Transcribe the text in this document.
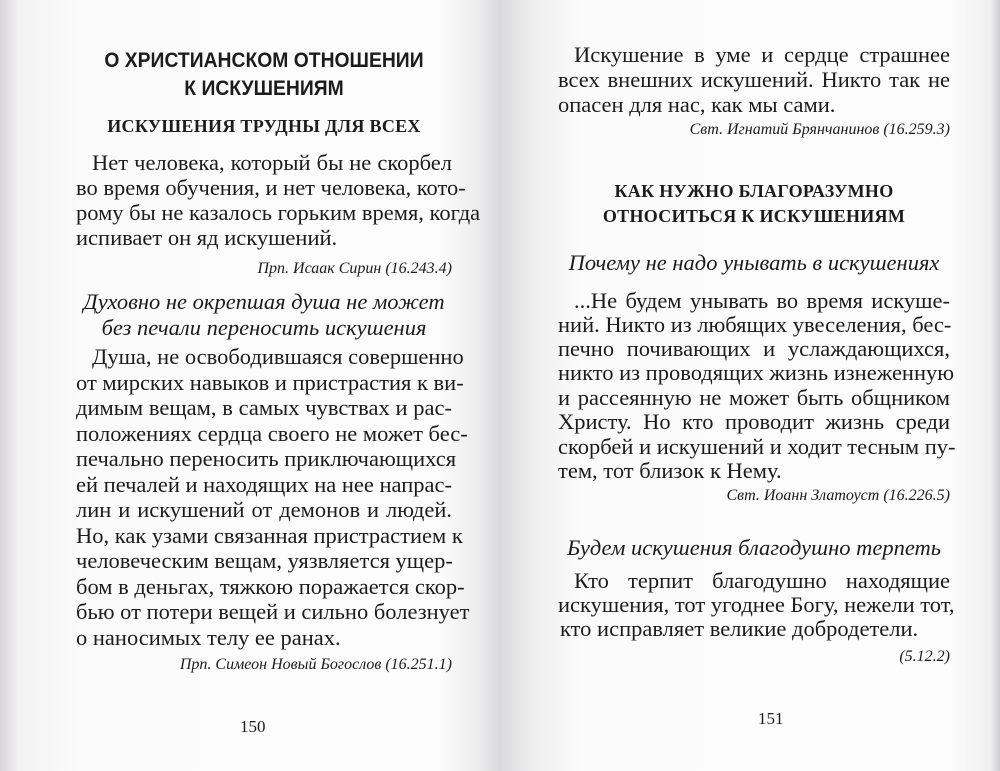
О ХРИСТИАНСКОМ ОТНОШЕНИИ
К ИСКУШЕНИЯМ
ИСКУШЕНИЯ ТРУДНЫ ДЛЯ ВСЕХ
Нет человека, который бы не скорбел
во время обучения, и нет человека, кото-
рому бы не казалось горьким время, когда
испивает он яд искушений.
Прп. Исаак Сирин (16.243.4)
Духовно не окрепшая душа не может
без печали переносить искушения
Душа, не освободившаяся совершенно
от мирских навыков и пристрастия к ви-
димым вещам, в самых чувствах и рас-
положениях сердца своего не может бес-
печально переносить приключающихся
ей печалей и находящих на нее напрас-
лин и искушений от демонов и людей.
Но, как узами связанная пристрастием к
человеческим вещам, уязвляется ущер-
бом в деньгах, тяжкою поражается скор-
бью от потери вещей и сильно болезнует
о наносимых телу ее ранах.
Прп. Симеон Новый Богослов (16.251.1)
150
Искушение в уме и сердце страшнее
всех внешних искушений. Никто так не
опасен для нас, как мы сами.
Свт. Игнатий Брянчанинов (16.259.3)
КАК НУЖНО БЛАГОРАЗУМНО
ОТНОСИТЬСЯ К ИСКУШЕНИЯМ
Почему не надо унывать в искушениях
...Не будем унывать во время искуше-
ний. Никто из любящих увеселения, бес-
печно почивающих и услаждающихся,
никто из проводящих жизнь изнеженную
и рассеянную не может быть общником
Христу. Но кто проводит жизнь среди
скорбей и искушений и ходит тесным пу-
тем, тот близок к Нему.
Свт. Иоанн Златоуст (16.226.5)
Будем искушения благодушно терпеть
Кто терпит благодушно находящие
искушения, тот угоднее Богу, нежели тот,
кто исправляет великие добродетели.
(5.12.2)
151
